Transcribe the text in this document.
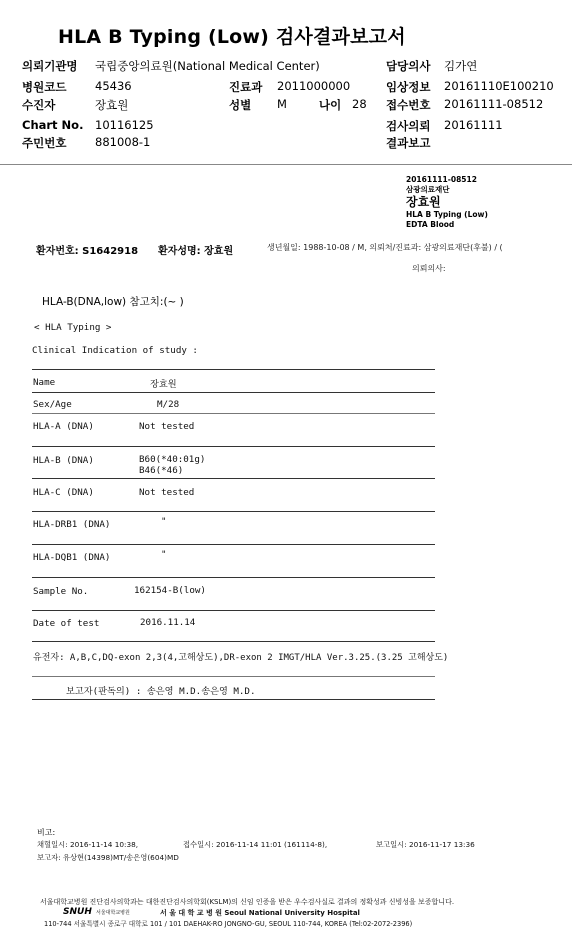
HLA B Typing (Low) 검사결과보고서
의뢰기관명 국립중앙의료원(National Medical Center)	담당의사 김가연
병원코드 45436	진료과 2011000000	임상정보 20161110E100210
수진자	장효원	성별 M	나이 28 접수번호 20161111-08512
Chart No. 10116125	검사의뢰 20161111
주민번호 881008-1	결과보고
20161111-08512
삼광의료재단
장효원
HLA B Typing (Low)
EDTA Blood
환자번호: S1642918 환자성명: 장효원	생년월일: 1988-10-08 / M, 의뢰처/진료과: 삼광의료재단(후불) / (
의뢰의사:
HLA-B(DNA,low) 참고치:(~ )
< HLA Typing >
Clinical Indication of study :
Name	장효원
Sex/Age	M/28
HLA-A (DNA)	Not tested
HLA-B (DNA)	B60(*40:01g)
B46(*46)
HLA-C (DNA)	Not tested
HLA-DRB1 (DNA)	"
HLA-DQB1 (DNA)	"
Sample No.	162154-B(low)
Date of test	2016.11.14
유전자: A,B,C,DQ-exon 2,3(4,고해상도),DR-exon 2 IMGT/HLA Ver.3.25.(3.25 고해상도)
보고자(판독의) : 송은영 M.D.송은영 M.D.
비고:
채혈일시: 2016-11-14 10:38,	접수일시: 2016-11-14 11:01 (161114-8),	보고일시: 2016-11-17 13:36
보고자: 유상현(14398)MT/송은영(604)MD
서울대학교병원 진단검사의학과는 대한진단검사의학회(KSLM)의 신임 인증을 받은 우수검사실로 결과의 정확성과 신빙성을 보증합니다.
SNUH 서울대학교병원	서 울 대 학 교 병 원 Seoul National University Hospital
110-744 서울특별시 종로구 대학로 101 / 101 DAEHAK-RO JONGNO-GU, SEOUL 110-744, KOREA (Tel:02-2072-2396)
